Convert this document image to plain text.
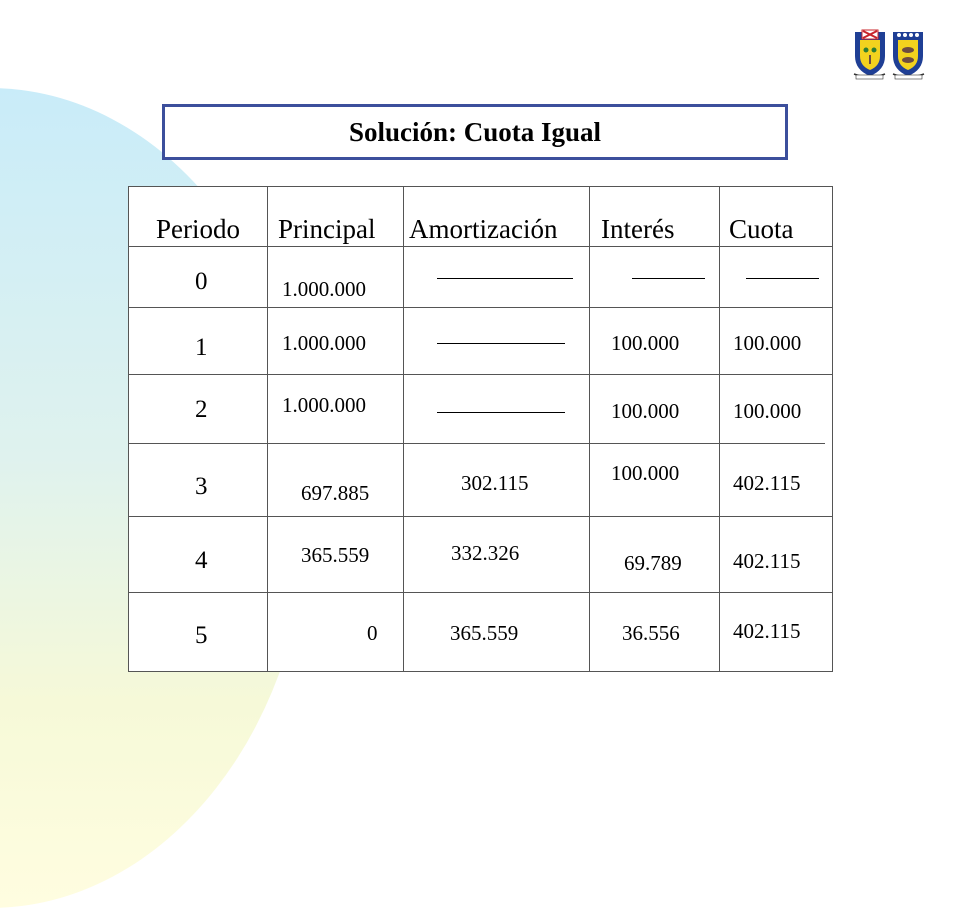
Solución: Cuota Igual
Periodo Principal Amortización Interés Cuota
0
1
2
3
4
5
1.000.000
1.000.000
1.000.000
697.885
365.559
0
302.115
332.326
365.559
100.000
100.000
100.000
69.789
36.556
100.000
100.000
402.115
402.115
402.115
